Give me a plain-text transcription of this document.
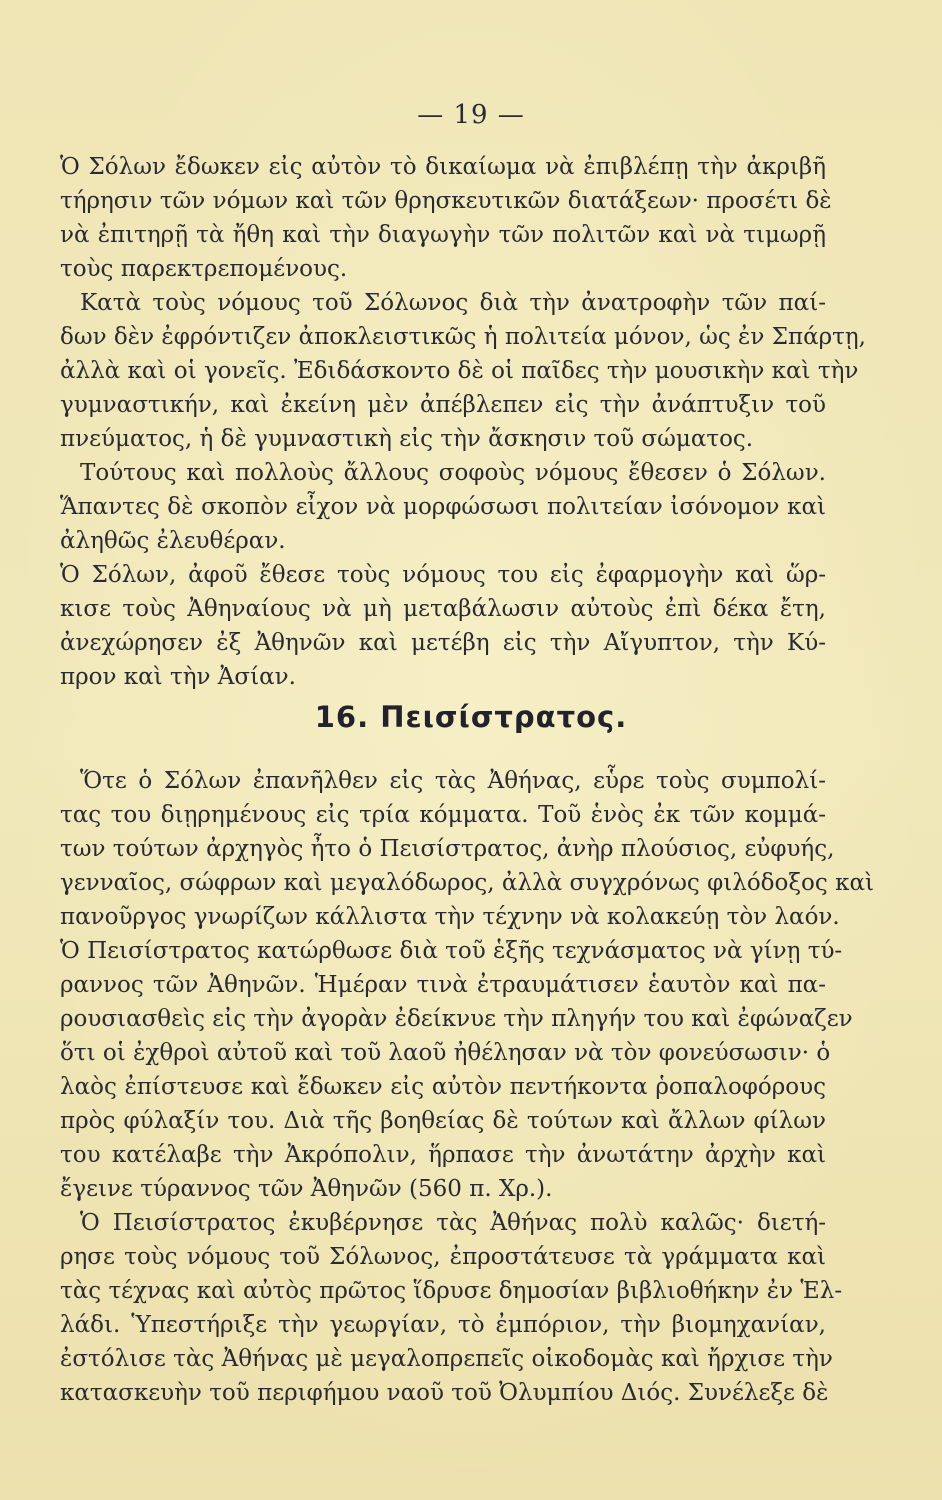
— 19 —
Ὁ Σόλων ἔδωκεν εἰς αὐτὸν τὸ δικαίωμα νὰ ἐπιβλέπῃ τὴν ἀκριβῆ
τήρησιν τῶν νόμων καὶ τῶν θρησκευτικῶν διατάξεων· προσέτι δὲ
νὰ ἐπιτηρῇ τὰ ἤθη καὶ τὴν διαγωγὴν τῶν πολιτῶν καὶ νὰ τιμωρῇ
τοὺς παρεκτρεπομένους.
Κατὰ τοὺς νόμους τοῦ Σόλωνος διὰ τὴν ἀνατροφὴν τῶν παί-
δων δὲν ἐφρόντιζεν ἀποκλειστικῶς ἡ πολιτεία μόνον, ὡς ἐν Σπάρτῃ,
ἀλλὰ καὶ οἱ γονεῖς. Ἐδιδάσκοντο δὲ οἱ παῖδες τὴν μουσικὴν καὶ τὴν
γυμναστικήν, καὶ ἐκείνη μὲν ἀπέβλεπεν εἰς τὴν ἀνάπτυξιν τοῦ
πνεύματος, ἡ δὲ γυμναστικὴ εἰς τὴν ἄσκησιν τοῦ σώματος.
Τούτους καὶ πολλοὺς ἄλλους σοφοὺς νόμους ἔθεσεν ὁ Σόλων.
Ἅπαντες δὲ σκοπὸν εἶχον νὰ μορφώσωσι πολιτείαν ἰσόνομον καὶ
ἀληθῶς ἐλευθέραν.
Ὁ Σόλων, ἀφοῦ ἔθεσε τοὺς νόμους του εἰς ἐφαρμογὴν καὶ ὥρ-
κισε τοὺς Ἀθηναίους νὰ μὴ μεταβάλωσιν αὐτοὺς ἐπὶ δέκα ἔτη,
ἀνεχώρησεν ἐξ Ἀθηνῶν καὶ μετέβη εἰς τὴν Αἴγυπτον, τὴν Κύ-
προν καὶ τὴν Ἀσίαν.
16. Πεισίστρατος.
Ὅτε ὁ Σόλων ἐπανῆλθεν εἰς τὰς Ἀθήνας, εὗρε τοὺς συμπολί-
τας του διῃρημένους εἰς τρία κόμματα. Τοῦ ἑνὸς ἐκ τῶν κομμά-
των τούτων ἀρχηγὸς ἦτο ὁ Πεισίστρατος, ἀνὴρ πλούσιος, εὐφυής,
γενναῖος, σώφρων καὶ μεγαλόδωρος, ἀλλὰ συγχρόνως φιλόδοξος καὶ
πανοῦργος γνωρίζων κάλλιστα τὴν τέχνην νὰ κολακεύῃ τὸν λαόν.
Ὁ Πεισίστρατος κατώρθωσε διὰ τοῦ ἑξῆς τεχνάσματος νὰ γίνῃ τύ-
ραννος τῶν Ἀθηνῶν. Ἡμέραν τινὰ ἐτραυμάτισεν ἑαυτὸν καὶ πα-
ρουσιασθεὶς εἰς τὴν ἀγορὰν ἐδείκνυε τὴν πληγήν του καὶ ἐφώναζεν
ὅτι οἱ ἐχθροὶ αὐτοῦ καὶ τοῦ λαοῦ ἠθέλησαν νὰ τὸν φονεύσωσιν· ὁ
λαὸς ἐπίστευσε καὶ ἔδωκεν εἰς αὐτὸν πεντήκοντα ῥοπαλοφόρους
πρὸς φύλαξίν του. Διὰ τῆς βοηθείας δὲ τούτων καὶ ἄλλων φίλων
του κατέλαβε τὴν Ἀκρόπολιν, ἥρπασε τὴν ἀνωτάτην ἀρχὴν καὶ
ἔγεινε τύραννος τῶν Ἀθηνῶν (560 π. Χρ.).
Ὁ Πεισίστρατος ἐκυβέρνησε τὰς Ἀθήνας πολὺ καλῶς· διετή-
ρησε τοὺς νόμους τοῦ Σόλωνος, ἐπροστάτευσε τὰ γράμματα καὶ
τὰς τέχνας καὶ αὐτὸς πρῶτος ἵδρυσε δημοσίαν βιβλιοθήκην ἐν Ἑλ-
λάδι. Ὑπεστήριξε τὴν γεωργίαν, τὸ ἐμπόριον, τὴν βιομηχανίαν,
ἐστόλισε τὰς Ἀθήνας μὲ μεγαλοπρεπεῖς οἰκοδομὰς καὶ ἤρχισε τὴν
κατασκευὴν τοῦ περιφήμου ναοῦ τοῦ Ὀλυμπίου Διός. Συνέλεξε δὲ
